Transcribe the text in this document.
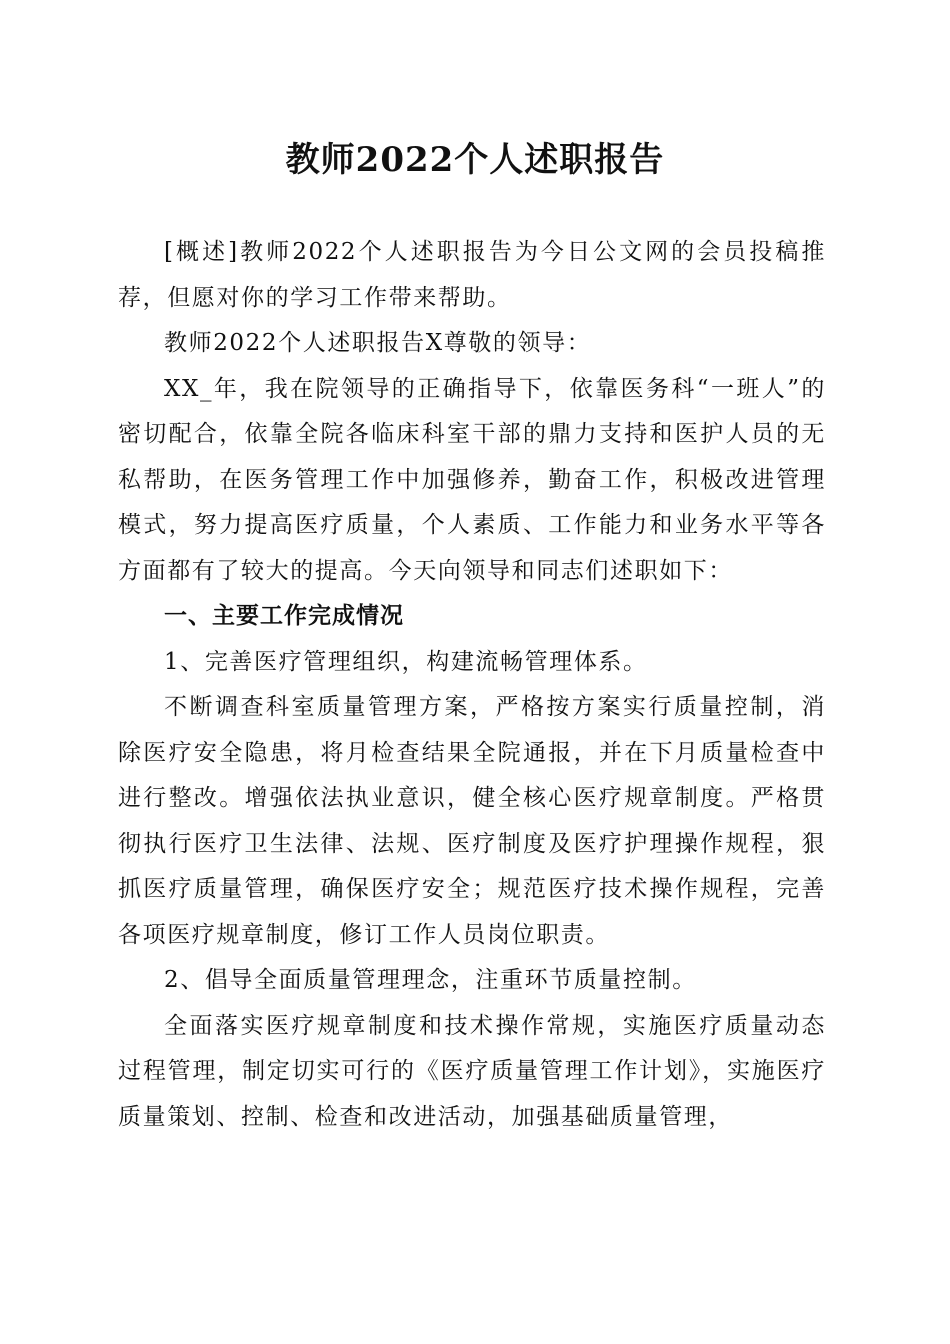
教师2022个人述职报告

[概述]教师2022个人述职报告为今日公文网的会员投稿推荐，但愿对你的学习工作带来帮助。

教师2022个人述职报告X尊敬的领导：

XX_年，我在院领导的正确指导下，依靠医务科“一班人”的密切配合，依靠全院各临床科室干部的鼎力支持和医护人员的无私帮助，在医务管理工作中加强修养，勤奋工作，积极改进管理模式，努力提高医疗质量，个人素质、工作能力和业务水平等各方面都有了较大的提高。今天向领导和同志们述职如下：

一、主要工作完成情况

1、完善医疗管理组织，构建流畅管理体系。

不断调查科室质量管理方案，严格按方案实行质量控制，消除医疗安全隐患，将月检查结果全院通报，并在下月质量检查中进行整改。增强依法执业意识，健全核心医疗规章制度。严格贯彻执行医疗卫生法律、法规、医疗制度及医疗护理操作规程，狠抓医疗质量管理，确保医疗安全；规范医疗技术操作规程，完善各项医疗规章制度，修订工作人员岗位职责。

2、倡导全面质量管理理念，注重环节质量控制。

全面落实医疗规章制度和技术操作常规，实施医疗质量动态过程管理，制定切实可行的《医疗质量管理工作计划》，实施医疗质量策划、控制、检查和改进活动，加强基础质量管理，
